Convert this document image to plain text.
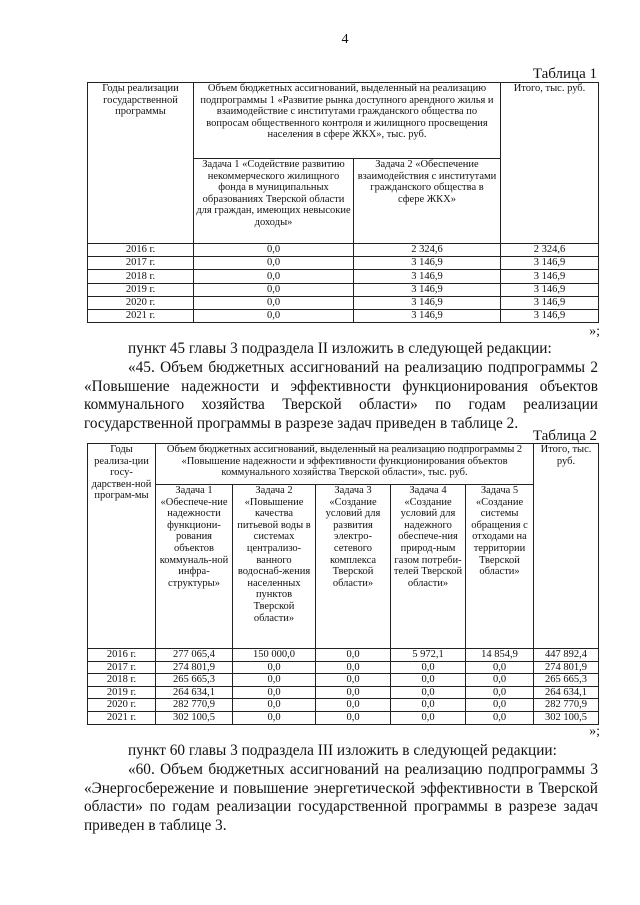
4
Таблица 1
Годы реализации государственной программы	Объем бюджетных ассигнований, выделенный на реализацию подпрограммы 1 «Развитие рынка доступного арендного жилья и взаимодействие с институтами гражданского общества по вопросам общественного контроля и жилищного просвещения населения в сфере ЖКХ», тыс. руб.		Итого, тыс. руб.
	Задача 1 «Содействие развитию некоммерческого жилищного фонда в муниципальных образованиях Тверской области для граждан, имеющих невысокие доходы»	Задача 2 «Обеспечение взаимодействия с институтами гражданского общества в сфере ЖКХ»	
2016 г.	0,0	2 324,6	2 324,6
2017 г.	0,0	3 146,9	3 146,9
2018 г.	0,0	3 146,9	3 146,9
2019 г.	0,0	3 146,9	3 146,9
2020 г.	0,0	3 146,9	3 146,9
2021 г.	0,0	3 146,9	3 146,9
»;

пункт 45 главы 3 подраздела II изложить в следующей редакции:

«45. Объем бюджетных ассигнований на реализацию подпрограммы 2 «Повышение надежности и эффективности функционирования объектов коммунального хозяйства Тверской области» по годам реализации государственной программы в разрезе задач приведен в таблице 2.

Таблица 2
Годы реализа-ции госу-дарствен-ной програм-мы	Объем бюджетных ассигнований, выделенный на реализацию подпрограммы 2 «Повышение надежности и эффективности функционирования объектов коммунального хозяйства Тверской области», тыс. руб.					Итого, тыс. руб.
	Задача 1 «Обеспече-ние надежности функциони-рования объектов коммуналь-ной инфра-структуры»	Задача 2 «Повышение качества питьевой воды в системах централизо-ванного водоснаб-жения населенных пунктов Тверской области»	Задача 3 «Создание условий для развития электро-сетевого комплекса Тверской области»	Задача 4 «Создание условий для надежного обеспече-ния природ-ным газом потреби-телей Тверской области»	Задача 5 «Создание системы обращения с отходами на территории Тверской области»	
2016 г.	277 065,4	150 000,0	0,0	5 972,1	14 854,9	447 892,4
2017 г.	274 801,9	0,0	0,0	0,0	0,0	274 801,9
2018 г.	265 665,3	0,0	0,0	0,0	0,0	265 665,3
2019 г.	264 634,1	0,0	0,0	0,0	0,0	264 634,1
2020 г.	282 770,9	0,0	0,0	0,0	0,0	282 770,9
2021 г.	302 100,5	0,0	0,0	0,0	0,0	302 100,5
»;

пункт 60 главы 3 подраздела III изложить в следующей редакции:

«60. Объем бюджетных ассигнований на реализацию подпрограммы 3 «Энергосбережение и повышение энергетической эффективности в Тверской области» по годам реализации государственной программы в разрезе задач приведен в таблице 3.
